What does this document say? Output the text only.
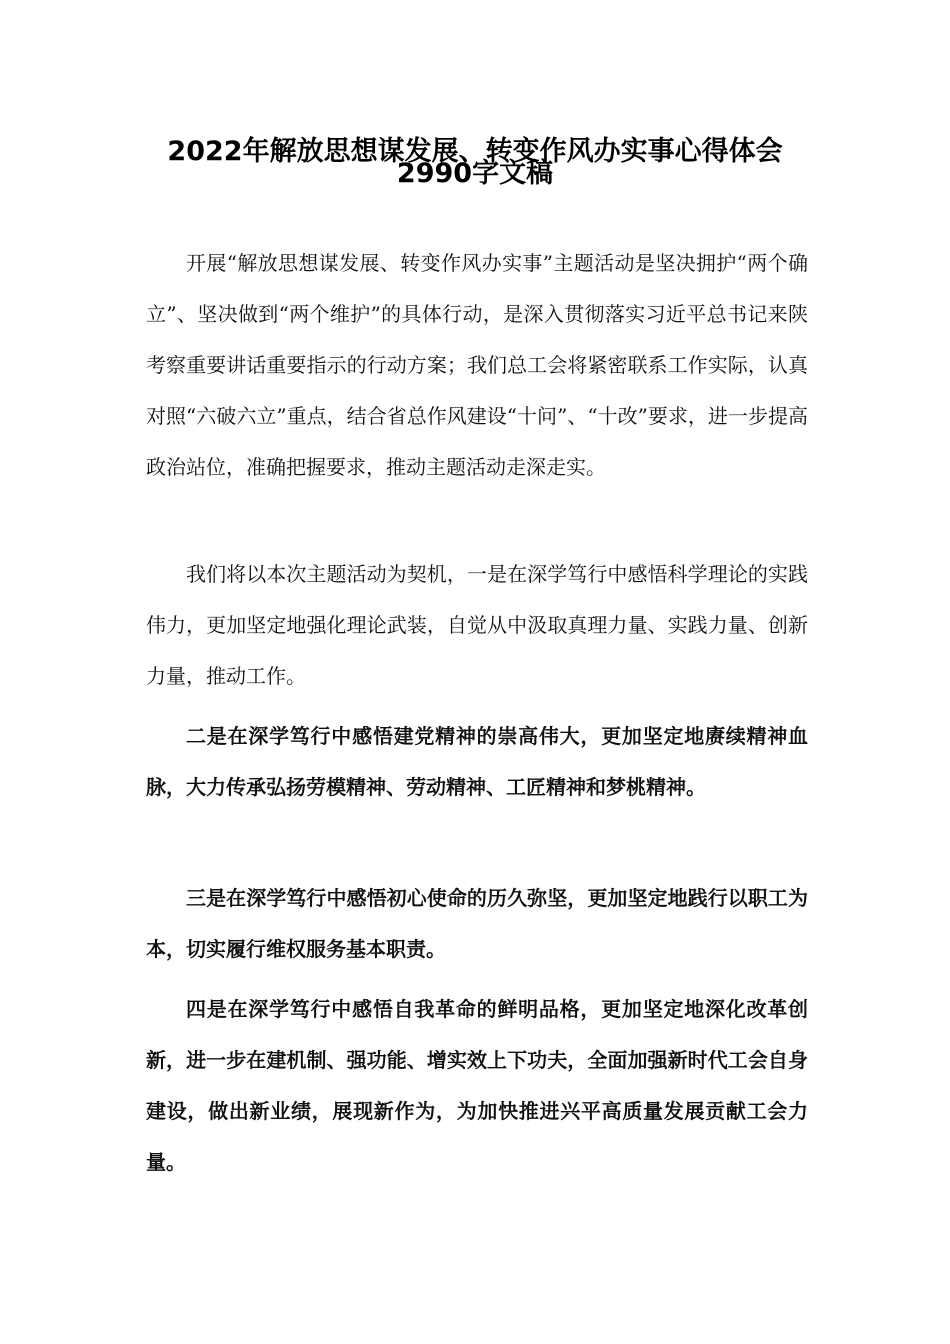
2022年解放思想谋发展、转变作风办实事心得体会
2990字文稿

开展“解放思想谋发展、转变作风办实事”主题活动是坚决拥护“两个确立”、坚决做到“两个维护”的具体行动，是深入贯彻落实习近平总书记来陕考察重要讲话重要指示的行动方案；我们总工会将紧密联系工作实际，认真对照“六破六立”重点，结合省总作风建设“十问”、“十改”要求，进一步提高政治站位，准确把握要求，推动主题活动走深走实。

我们将以本次主题活动为契机，一是在深学笃行中感悟科学理论的实践伟力，更加坚定地强化理论武装，自觉从中汲取真理力量、实践力量、创新力量，推动工作。

二是在深学笃行中感悟建党精神的崇高伟大，更加坚定地赓续精神血脉，大力传承弘扬劳模精神、劳动精神、工匠精神和梦桃精神。

三是在深学笃行中感悟初心使命的历久弥坚，更加坚定地践行以职工为本，切实履行维权服务基本职责。

四是在深学笃行中感悟自我革命的鲜明品格，更加坚定地深化改革创新，进一步在建机制、强功能、增实效上下功夫，全面加强新时代工会自身建设，做出新业绩，展现新作为，为加快推进兴平高质量发展贡献工会力量。
